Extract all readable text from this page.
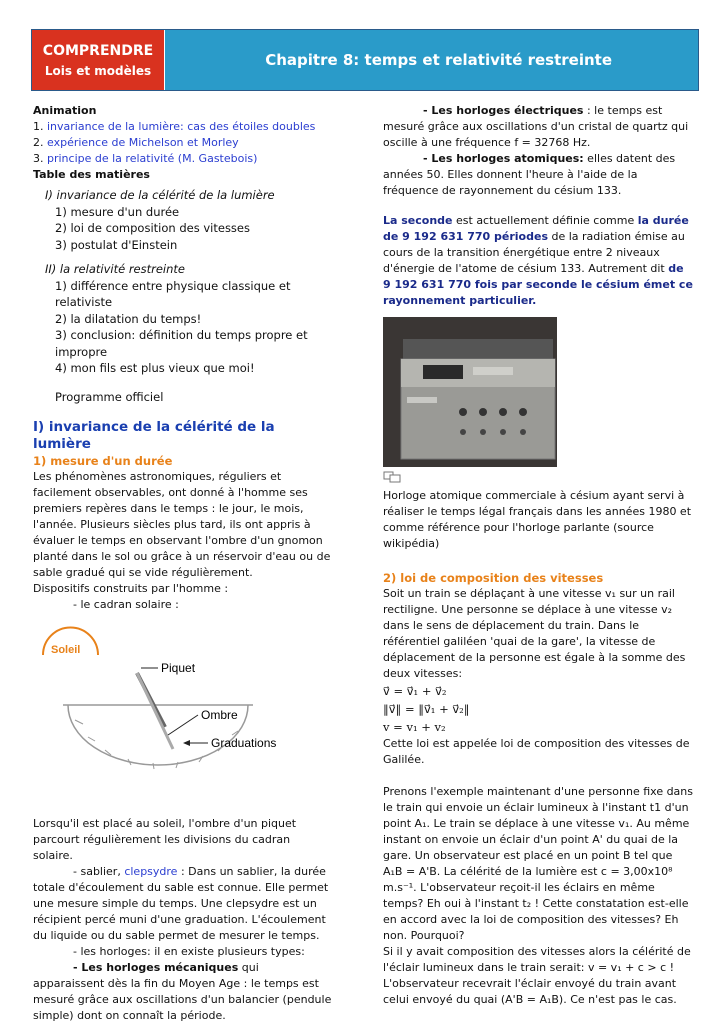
COMPRENDRE
Lois et modèles
Chapitre 8: temps et relativité restreinte
Animation
1. invariance de la lumière: cas des étoiles doubles
2. expérience de Michelson et Morley
3. principe de la relativité (M. Gastebois)
Table des matières
I) invariance de la célérité de la lumière
1) mesure d'un durée
2) loi de composition des vitesses
3) postulat d'Einstein
II) la relativité restreinte
1) différence entre physique classique et relativiste
2) la dilatation du temps!
3) conclusion: définition du temps propre et impropre
4) mon fils est plus vieux que moi!
Programme officiel
I) invariance de la célérité de la lumière
1) mesure d'un durée

Les phénomènes astronomiques, réguliers et facilement observables, ont donné à l'homme ses premiers repères dans le temps : le jour, le mois, l'année. Plusieurs siècles plus tard, ils ont appris à évaluer le temps en observant l'ombre d'un gnomon planté dans le sol ou grâce à un réservoir d'eau ou de sable gradué qui se vide régulièrement.

Dispositifs construits par l'homme :

- le cadran solaire :

Soleil
Piquet
Ombre
Graduations

Lorsqu'il est placé au soleil, l'ombre d'un piquet

parcourt régulièrement les divisions du cadran solaire.

- sablier, clepsydre : Dans un sablier, la durée totale d'écoulement du sable est connue. Elle permet une mesure simple du temps. Une clepsydre est un récipient percé muni d'une graduation. L'écoulement du liquide ou du sable permet de mesurer le temps.

- les horloges: il en existe plusieurs types:

- Les horloges mécaniques qui apparaissent dès la fin du Moyen Age : le temps est mesuré grâce aux oscillations d'un balancier (pendule simple) dont on connaît la période.

- Les horloges électriques : le temps est mesuré grâce aux oscillations d'un cristal de quartz qui oscille à une fréquence f = 32768 Hz.

- Les horloges atomiques: elles datent des années 50. Elles donnent l'heure à l'aide de la fréquence de rayonnement du césium 133.

La seconde est actuellement définie comme la durée de 9 192 631 770 périodes de la radiation émise au cours de la transition énergétique entre 2 niveaux d'énergie de l'atome de césium 133. Autrement dit de 9 192 631 770 fois par seconde le césium émet ce rayonnement particulier.

Horloge atomique commerciale à césium ayant servi à réaliser le temps légal français dans les années 1980 et comme référence pour l'horloge parlante (source wikipédia)

2) loi de composition des vitesses

Soit un train se déplaçant à une vitesse v₁ sur un rail rectiligne. Une personne se déplace à une vitesse v₂ dans le sens de déplacement du train. Dans le référentiel galiléen 'quai de la gare', la vitesse de déplacement de la personne est égale à la somme des deux vitesses:

v⃗ = v⃗₁ + v⃗₂
‖v⃗‖ = ‖v⃗₁ + v⃗₂‖
v = v₁ + v₂

Cette loi est appelée loi de composition des vitesses de Galilée.

Prenons l'exemple maintenant d'une personne fixe dans le train qui envoie un éclair lumineux à l'instant t1 d'un point A₁. Le train se déplace à une vitesse v₁. Au même instant on envoie un éclair d'un point A' du quai de la gare. Un observateur est placé en un point B tel que A₁B = A'B. La célérité de la lumière est c = 3,00x10⁸ m.s⁻¹. L'observateur reçoit-il les éclairs en même temps? Eh oui à l'instant t₂ ! Cette constatation est-elle en accord avec la loi de composition des vitesses? Eh non. Pourquoi?

Si il y avait composition des vitesses alors la célérité de l'éclair lumineux dans le train serait: v = v₁ + c > c !

L'observateur recevrait l'éclair envoyé du train avant celui envoyé du quai (A'B = A₁B). Ce n'est pas le cas.
